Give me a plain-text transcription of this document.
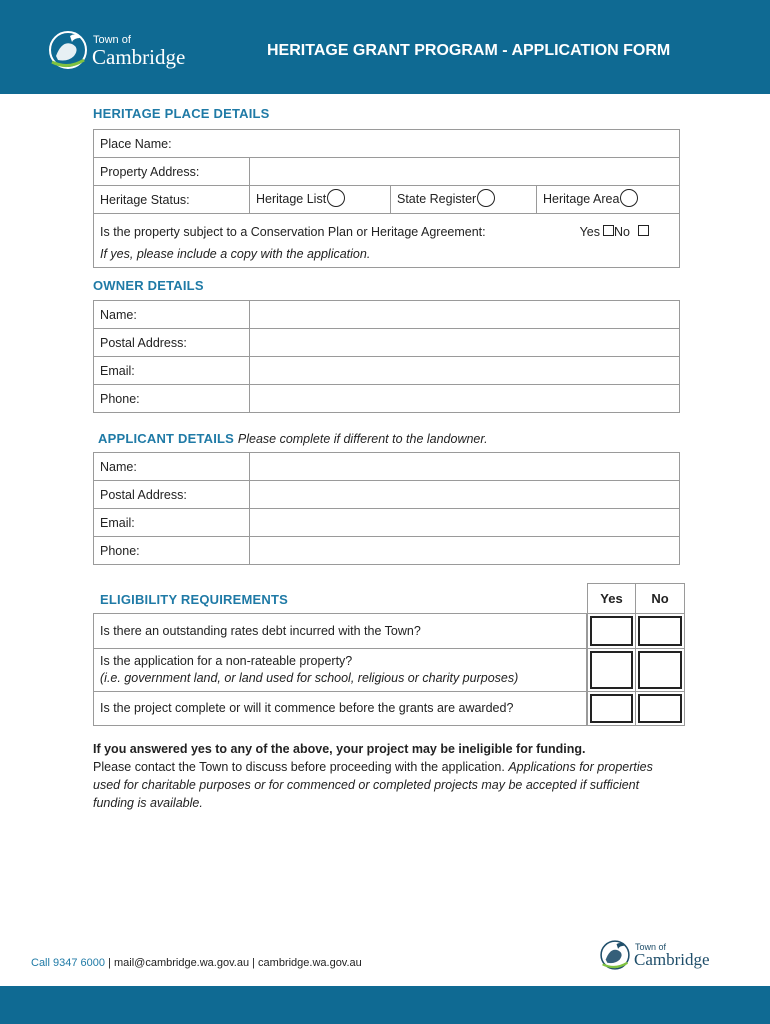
Town of
Cambridge	HERITAGE GRANT PROGRAM - APPLICATION FORM
HERITAGE PLACE DETAILS
Place Name:			
Property Address:			
Heritage Status:	Heritage List	State Register	Heritage Area

Is the property subject to a Conservation Plan or Heritage Agreement: Yes No
If yes, please include a copy with the application.			
OWNER DETAILS
Name:	
Postal Address:	
Email:	
Phone:	
APPLICANT DETAILS Please complete if different to the landowner.
Name:	
Postal Address:	
Email:	
Phone:	
ELIGIBILITY REQUIREMENTS	Yes	No
Is there an outstanding rates debt incurred with the Town?
Is the application for a non-rateable property?
(i.e. government land, or land used for school, religious or charity purposes)
Is the project complete or will it commence before the grants are awarded?
If you answered yes to any of the above, your project may be ineligible for funding.
Please contact the Town to discuss before proceeding with the application. Applications for properties used for charitable purposes or for commenced or completed projects may be accepted if sufficient funding is available.
Call 9347 6000 | mail@cambridge.wa.gov.au | cambridge.wa.gov.au
Town of
Cambridge
